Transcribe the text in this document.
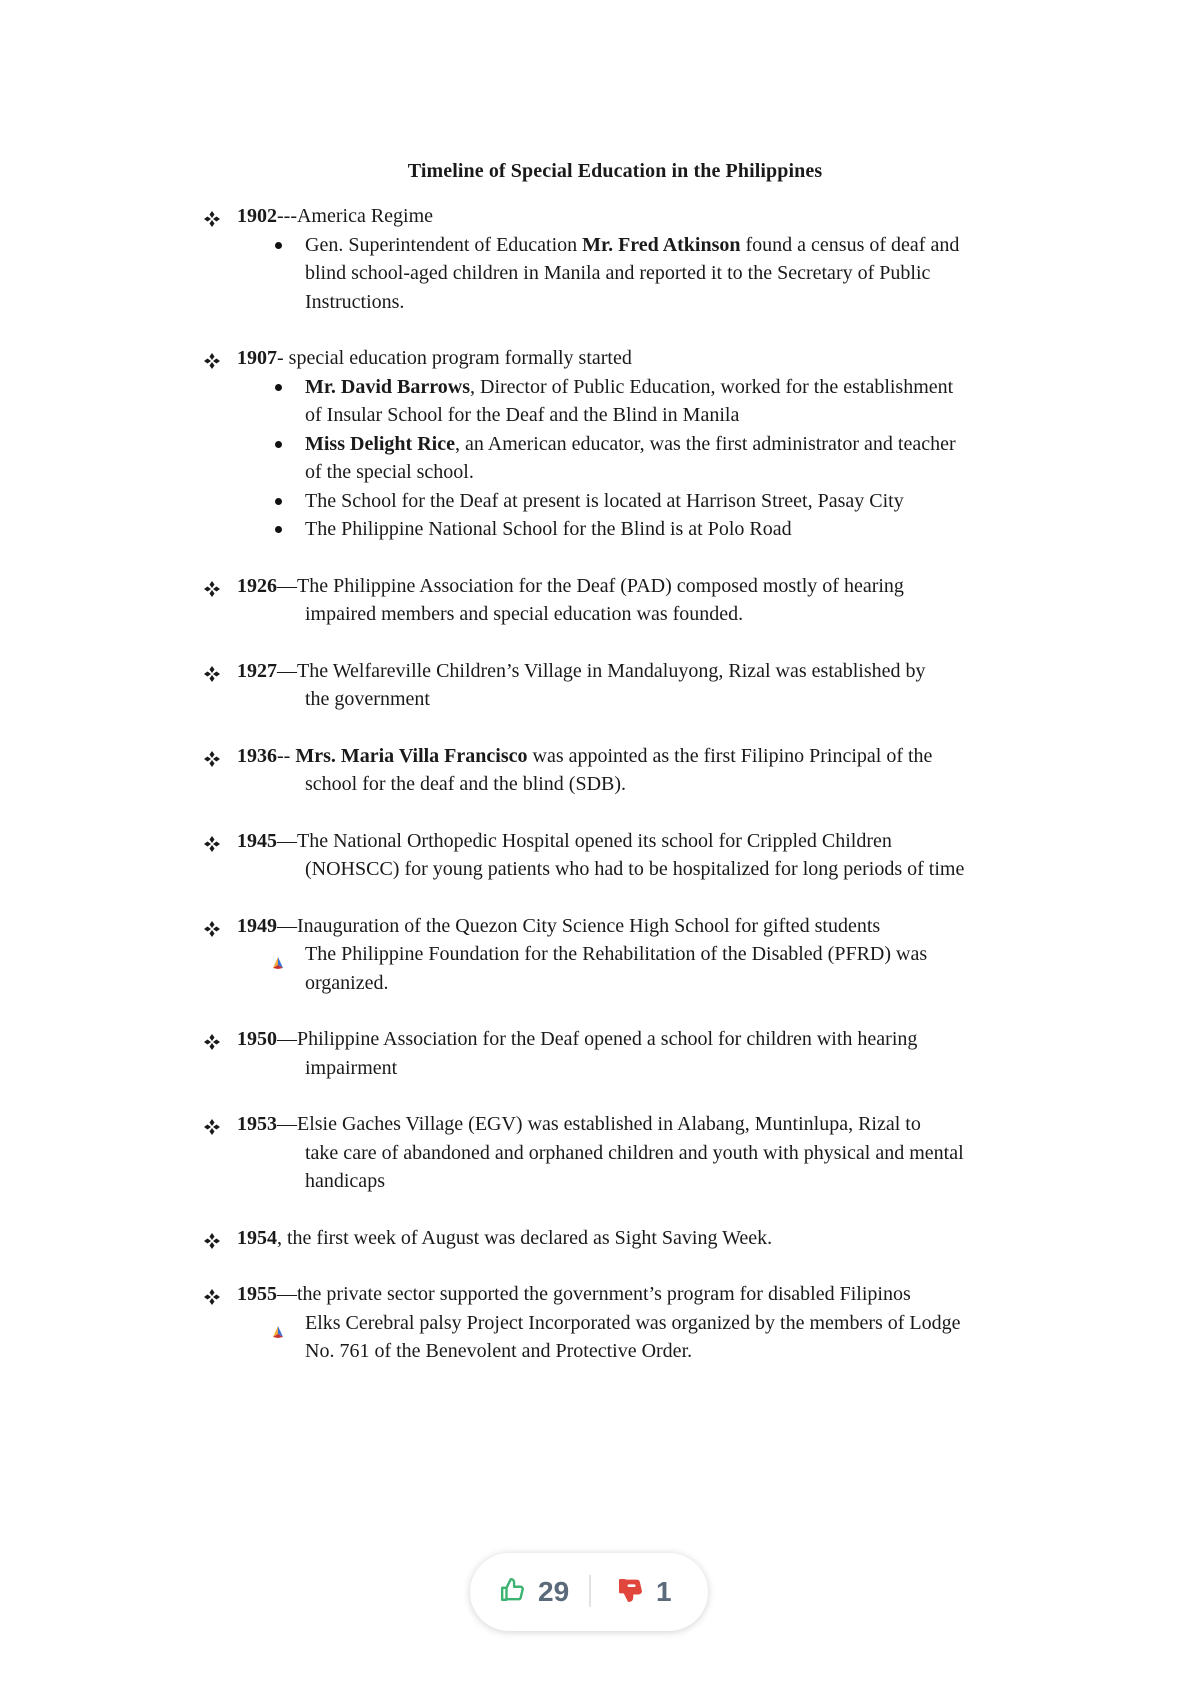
Timeline of Special Education in the Philippines
1902---America Regime
Gen. Superintendent of Education Mr. Fred Atkinson found a census of deaf and
blind school-aged children in Manila and reported it to the Secretary of Public
Instructions.
1907- special education program formally started
Mr. David Barrows, Director of Public Education, worked for the establishment
of Insular School for the Deaf and the Blind in Manila
Miss Delight Rice, an American educator, was the first administrator and teacher
of the special school.
The School for the Deaf at present is located at Harrison Street, Pasay City
The Philippine National School for the Blind is at Polo Road
1926—The Philippine Association for the Deaf (PAD) composed mostly of hearing
impaired members and special education was founded.
1927—The Welfareville Children’s Village in Mandaluyong, Rizal was established by
the government
1936-- Mrs. Maria Villa Francisco was appointed as the first Filipino Principal of the
school for the deaf and the blind (SDB).
1945—The National Orthopedic Hospital opened its school for Crippled Children
(NOHSCC) for young patients who had to be hospitalized for long periods of time
1949—Inauguration of the Quezon City Science High School for gifted students
The Philippine Foundation for the Rehabilitation of the Disabled (PFRD) was
organized.
1950—Philippine Association for the Deaf opened a school for children with hearing
impairment
1953—Elsie Gaches Village (EGV) was established in Alabang, Muntinlupa, Rizal to
take care of abandoned and orphaned children and youth with physical and mental
handicaps
1954, the first week of August was declared as Sight Saving Week.
1955—the private sector supported the government’s program for disabled Filipinos
Elks Cerebral palsy Project Incorporated was organized by the members of Lodge
No. 761 of the Benevolent and Protective Order.
29	1
